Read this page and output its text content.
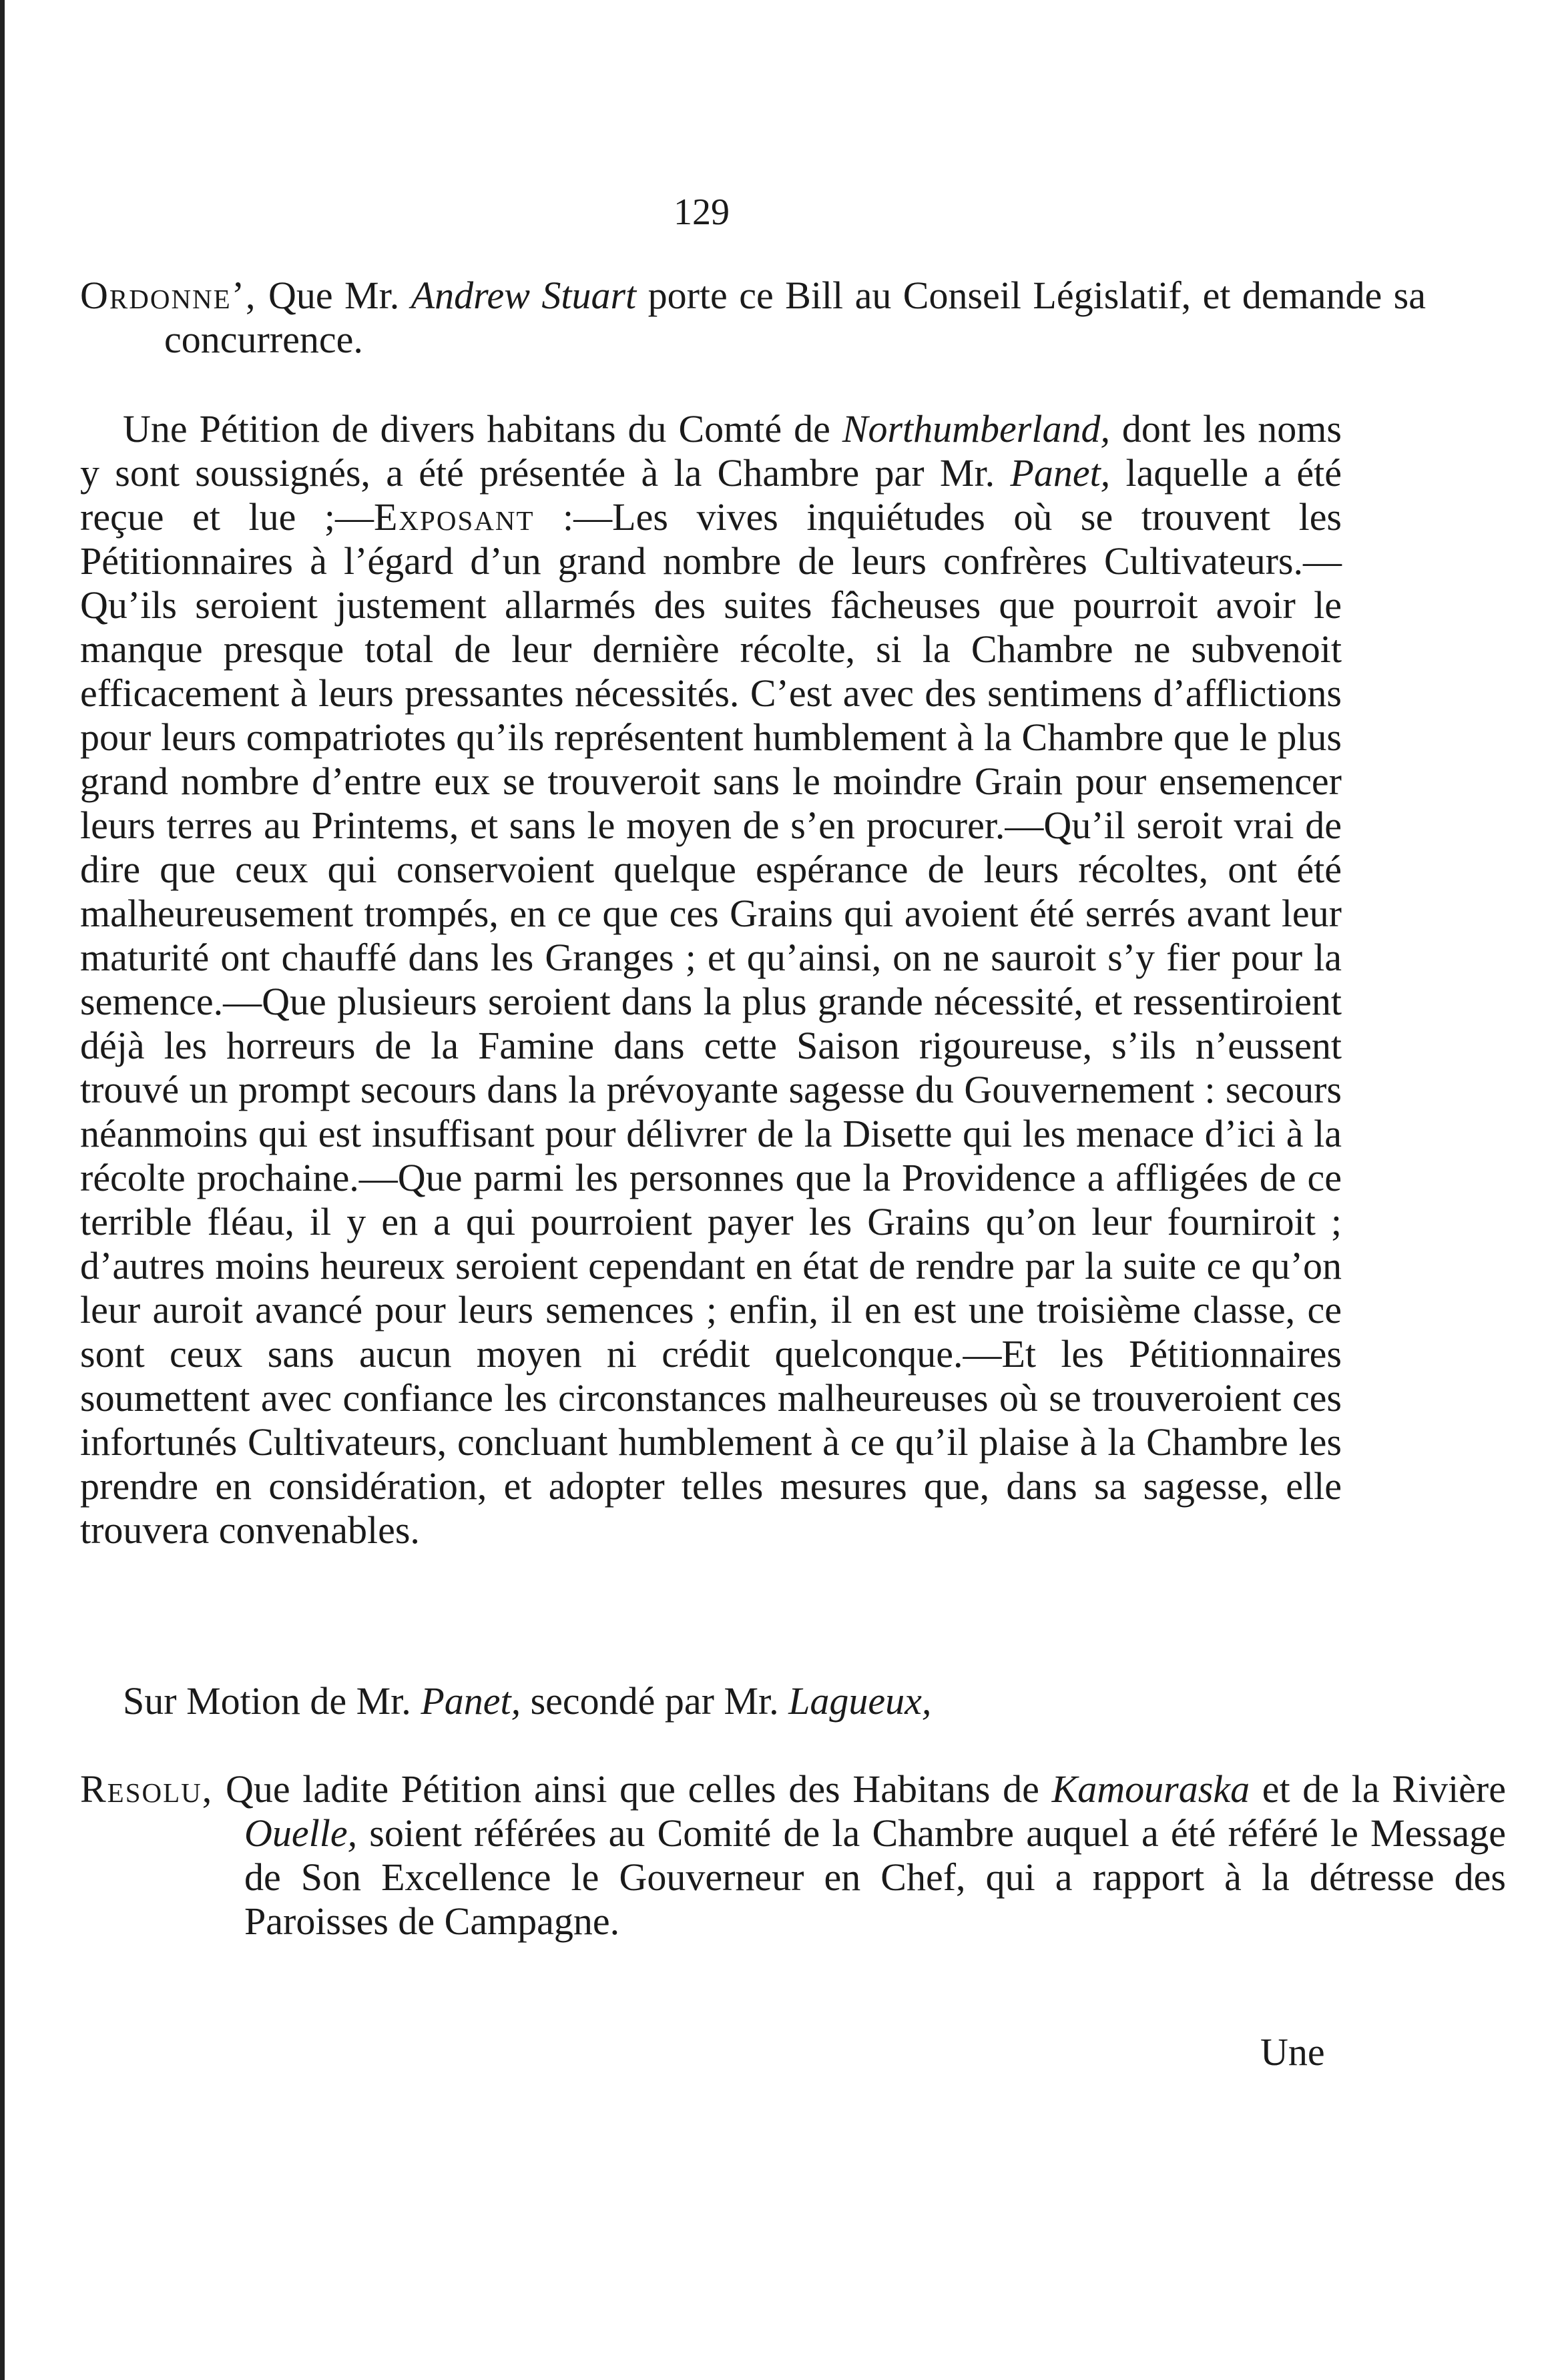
129
Ordonne’, Que Mr. Andrew Stuart porte ce Bill au Conseil Législatif, et demande sa concurrence.
Une Pétition de divers habitans du Comté de Northumberland, dont les noms y sont soussignés, a été présentée à la Chambre par Mr. Panet, laquelle a été reçue et lue ;—Exposant :—Les vives inquiétudes où se trouvent les Pétitionnaires à l’égard d’un grand nombre de leurs confrères Cultivateurs.—Qu’ils seroient justement allarmés des suites fâcheuses que pourroit avoir le manque presque total de leur dernière récolte, si la Chambre ne subvenoit efficacement à leurs pressantes nécessités. C’est avec des sentimens d’afflictions pour leurs compatriotes qu’ils représentent humblement à la Chambre que le plus grand nombre d’entre eux se trouveroit sans le moindre Grain pour ensemencer leurs terres au Printems, et sans le moyen de s’en procurer.—Qu’il seroit vrai de dire que ceux qui conservoient quelque espérance de leurs récoltes, ont été malheureusement trompés, en ce que ces Grains qui avoient été serrés avant leur maturité ont chauffé dans les Granges ; et qu’ainsi, on ne sauroit s’y fier pour la semence.—Que plusieurs seroient dans la plus grande nécessité, et ressentiroient déjà les horreurs de la Famine dans cette Saison rigoureuse, s’ils n’eussent trouvé un prompt secours dans la prévoyante sagesse du Gouvernement : secours néanmoins qui est insuffisant pour délivrer de la Disette qui les menace d’ici à la récolte prochaine.—Que parmi les personnes que la Providence a affligées de ce terrible fléau, il y en a qui pourroient payer les Grains qu’on leur fourniroit ; d’autres moins heureux seroient cependant en état de rendre par la suite ce qu’on leur auroit avancé pour leurs semences ; enfin, il en est une troisième classe, ce sont ceux sans aucun moyen ni crédit quelconque.—Et les Pétitionnaires soumettent avec confiance les circonstances malheureuses où se trouveroient ces infortunés Cultivateurs, concluant humblement à ce qu’il plaise à la Chambre les prendre en considération, et adopter telles mesures que, dans sa sagesse, elle trouvera convenables.
Sur Motion de Mr. Panet, secondé par Mr. Lagueux,
Resolu, Que ladite Pétition ainsi que celles des Habitans de Kamouraska et de la Rivière Ouelle, soient référées au Comité de la Chambre auquel a été référé le Message de Son Excellence le Gouverneur en Chef, qui a rapport à la détresse des Paroisses de Campagne.
Une
